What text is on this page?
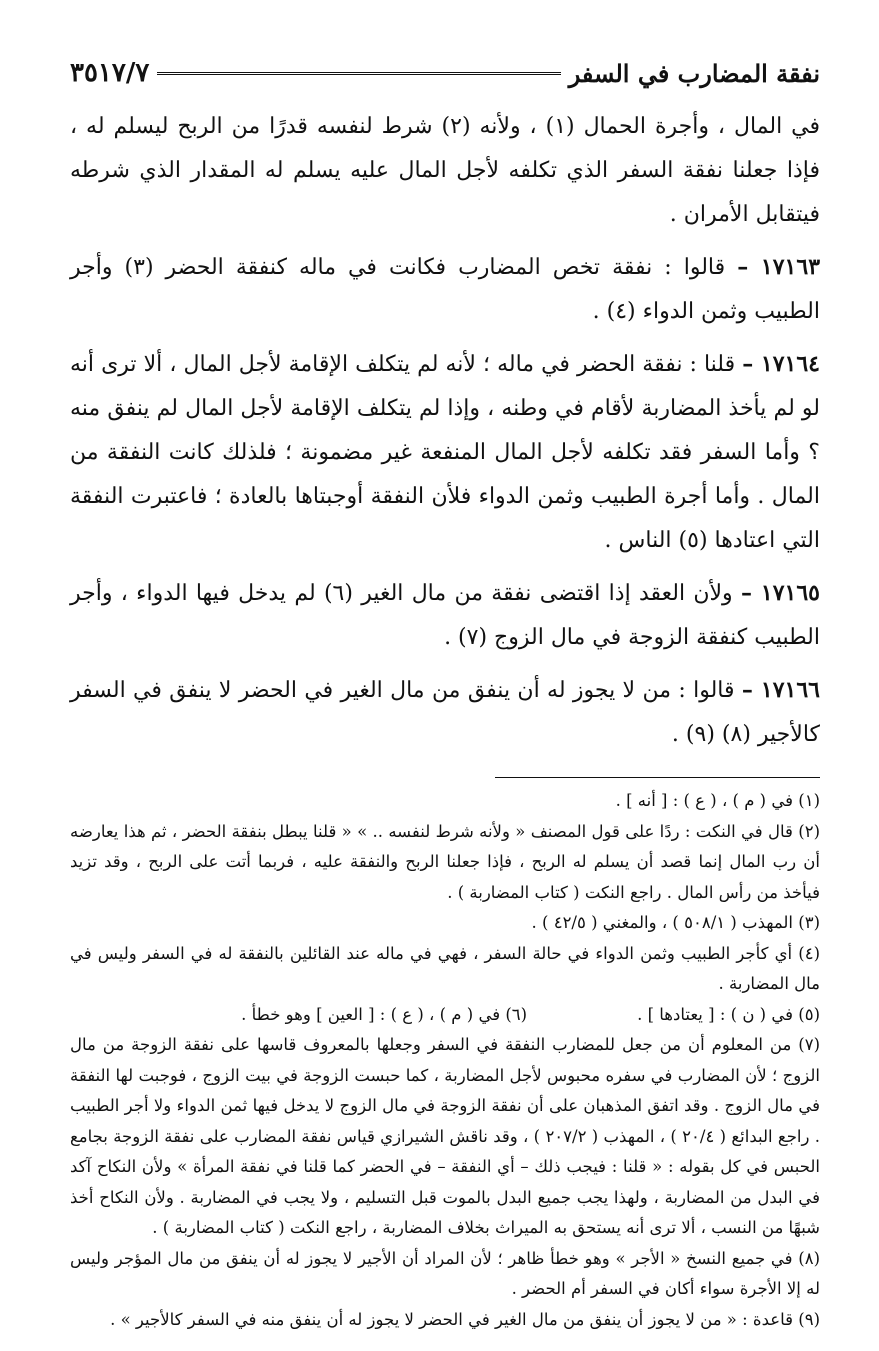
نفقة المضارب في السفر
٣٥١٧/٧

في المال ، وأجرة الحمال (١) ، ولأنه (٢) شرط لنفسه قدرًا من الربح ليسلم له ، فإذا جعلنا نفقة السفر الذي تكلفه لأجل المال عليه يسلم له المقدار الذي شرطه فيتقابل الأمران .

١٧١٦٣ – قالوا : نفقة تخص المضارب فكانت في ماله كنفقة الحضر (٣) وأجر الطبيب وثمن الدواء (٤) .

١٧١٦٤ – قلنا : نفقة الحضر في ماله ؛ لأنه لم يتكلف الإقامة لأجل المال ، ألا ترى أنه لو لم يأخذ المضاربة لأقام في وطنه ، وإذا لم يتكلف الإقامة لأجل المال لم ينفق منه ؟ وأما السفر فقد تكلفه لأجل المال المنفعة غير مضمونة ؛ فلذلك كانت النفقة من المال . وأما أجرة الطبيب وثمن الدواء فلأن النفقة أوجبتاها بالعادة ؛ فاعتبرت النفقة التي اعتادها (٥) الناس .

١٧١٦٥ – ولأن العقد إذا اقتضى نفقة من مال الغير (٦) لم يدخل فيها الدواء ، وأجر الطبيب كنفقة الزوجة في مال الزوج (٧) .

١٧١٦٦ – قالوا : من لا يجوز له أن ينفق من مال الغير في الحضر لا ينفق في السفر كالأجير (٨) (٩) .

(١) في ( م ) ، ( ع ) : [ أنه ] .

(٢) قال في النكت : ردًا على قول المصنف « ولأنه شرط لنفسه .. » « قلنا يبطل بنفقة الحضر ، ثم هذا يعارضه أن رب المال إنما قصد أن يسلم له الربح ، فإذا جعلنا الربح والنفقة عليه ، فربما أتت على الربح ، وقد تزيد فيأخذ من رأس المال . راجع النكت ( كتاب المضاربة ) .

(٣) المهذب ( ٥٠٨/١ ) ، والمغني ( ٤٢/٥ ) .

(٤) أي كأجر الطبيب وثمن الدواء في حالة السفر ، فهي في ماله عند القائلين بالنفقة له في السفر وليس في مال المضاربة .

(٥) في ( ن ) : [ يعتادها ] .
(٦) في ( م ) ، ( ع ) : [ العين ] وهو خطأ .

(٧) من المعلوم أن من جعل للمضارب النفقة في السفر وجعلها بالمعروف قاسها على نفقة الزوجة من مال الزوج ؛ لأن المضارب في سفره محبوس لأجل المضاربة ، كما حبست الزوجة في بيت الزوج ، فوجبت لها النفقة في مال الزوج . وقد اتفق المذهبان على أن نفقة الزوجة في مال الزوج لا يدخل فيها ثمن الدواء ولا أجر الطبيب . راجع البدائع ( ٢٠/٤ ) ، المهذب ( ٢٠٧/٢ ) ، وقد ناقش الشيرازي قياس نفقة المضارب على نفقة الزوجة بجامع الحبس في كل بقوله : « قلنا : فيجب ذلك – أي النفقة – في الحضر كما قلنا في نفقة المرأة » ولأن النكاح آكد في البدل من المضاربة ، ولهذا يجب جميع البدل بالموت قبل التسليم ، ولا يجب في المضاربة . ولأن النكاح أخذ شبهًا من النسب ، ألا ترى أنه يستحق به الميراث بخلاف المضاربة ، راجع النكت ( كتاب المضاربة ) .

(٨) في جميع النسخ « الأجر » وهو خطأ ظاهر ؛ لأن المراد أن الأجير لا يجوز له أن ينفق من مال المؤجر وليس له إلا الأجرة سواء أكان في السفر أم الحضر .

(٩) قاعدة : « من لا يجوز أن ينفق من مال الغير في الحضر لا يجوز له أن ينفق منه في السفر كالأجير » .
